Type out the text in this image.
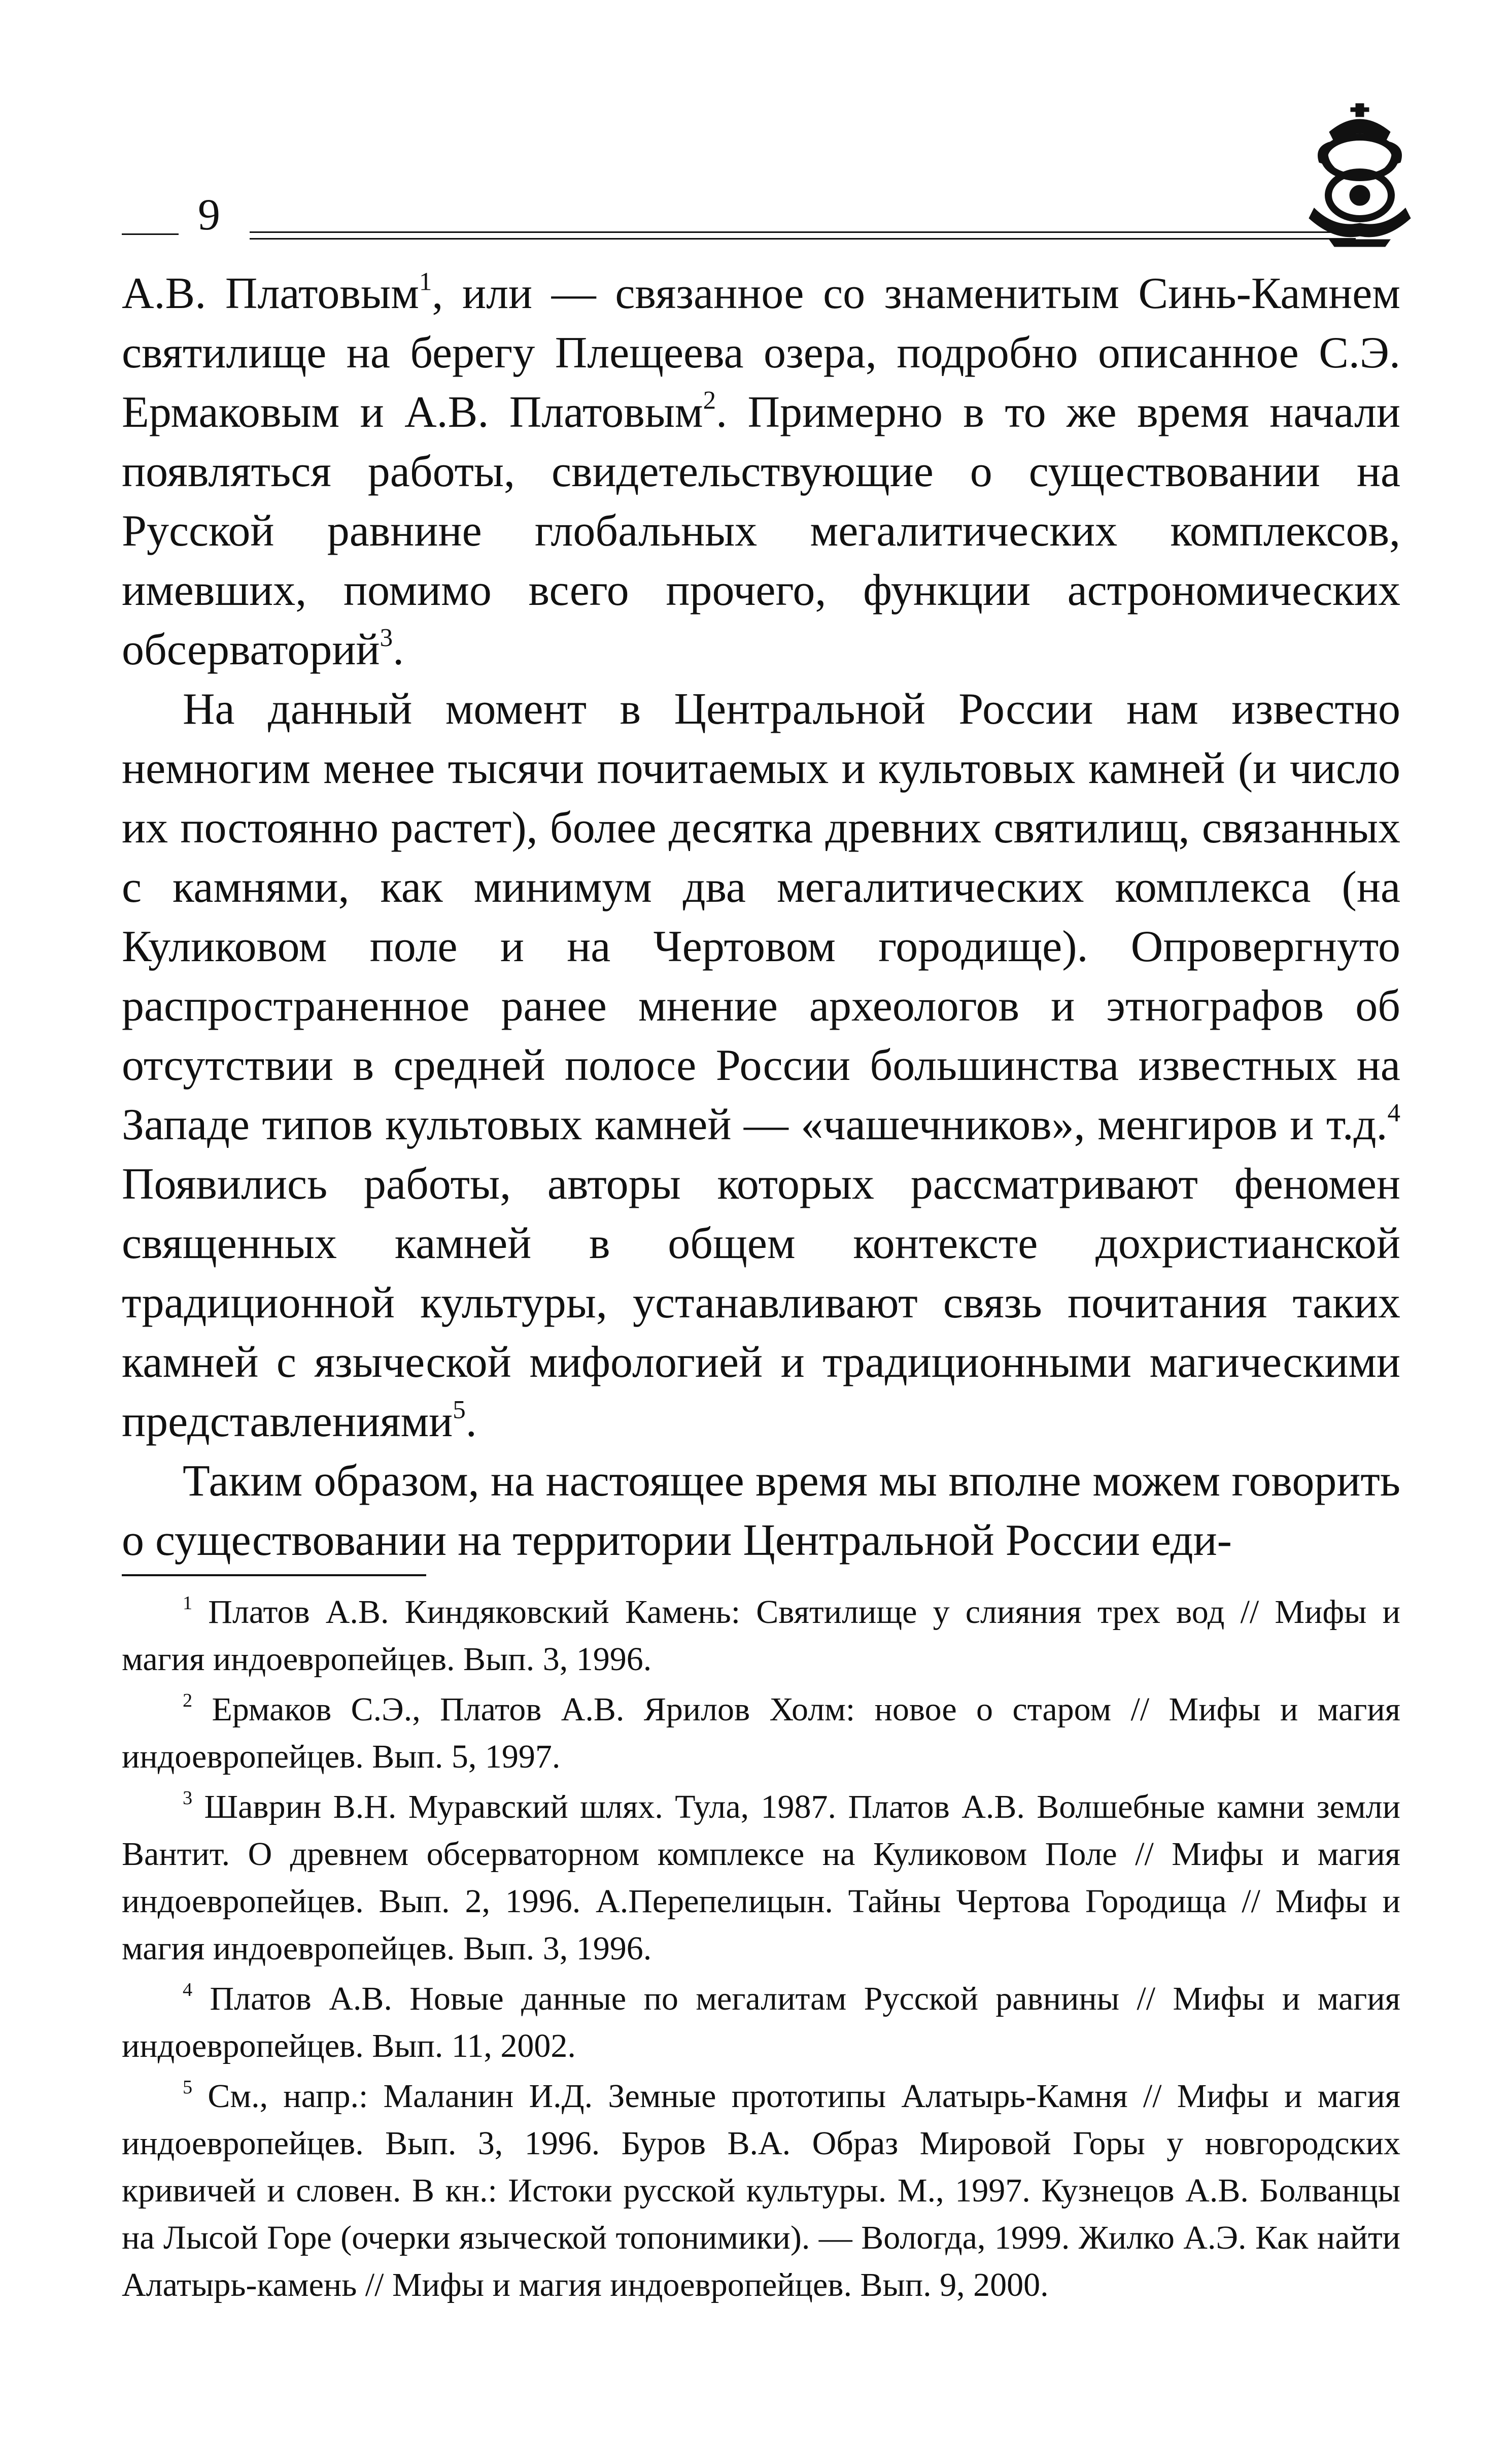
9

А.В. Платовым$^1$, или — связанное со знаменитым Синь-Камнем святилище на берегу Плещеева озера, подробно описанное С.Э. Ермаковым и А.В. Платовым$^2$. Примерно в то же время начали появляться работы, свидетельствующие о существовании на Русской равнине глобальных мегалитических комплексов, имевших, помимо всего прочего, функции астрономических обсерваторий$^3$.

На данный момент в Центральной России нам известно немногим менее тысячи почитаемых и культовых камней (и число их постоянно растет), более десятка древних святилищ, связанных с камнями, как минимум два мегалитических комплекса (на Куликовом поле и на Чертовом городище). Опровергнуто распространенное ранее мнение археологов и этнографов об отсутствии в средней полосе России большинства известных на Западе типов культовых камней — «чашечников», менгиров и т.д.$^4$ Появились работы, авторы которых рассматривают феномен священных камней в общем контексте дохристианской традиционной культуры, устанавливают связь почитания таких камней с языческой мифологией и традиционными магическими представлениями$^5$.

Таким образом, на настоящее время мы вполне можем говорить о существовании на территории Центральной России еди-

$^1$ Платов А.В. Киндяковский Камень: Святилище у слияния трех вод // Мифы и магия индоевропейцев. Вып. 3, 1996.

$^2$ Ермаков С.Э., Платов А.В. Ярилов Холм: новое о старом // Мифы и магия индоевропейцев. Вып. 5, 1997.

$^3$ Шаврин В.Н. Муравский шлях. Тула, 1987. Платов А.В. Волшебные камни земли Вантит. О древнем обсерваторном комплексе на Куликовом Поле // Мифы и магия индоевропейцев. Вып. 2, 1996. А.Перепелицын. Тайны Чертова Городища // Мифы и магия индоевропейцев. Вып. 3, 1996.

$^4$ Платов А.В. Новые данные по мегалитам Русской равнины // Мифы и магия индоевропейцев. Вып. 11, 2002.

$^5$ См., напр.: Маланин И.Д. Земные прототипы Алатырь-Камня // Мифы и магия индоевропейцев. Вып. 3, 1996. Буров В.А. Образ Мировой Горы у новгородских кривичей и словен. В кн.: Истоки русской культуры. М., 1997. Кузнецов А.В. Болванцы на Лысой Горе (очерки языческой топонимики). — Вологда, 1999. Жилко А.Э. Как найти Алатырь-камень // Мифы и магия индоевропейцев. Вып. 9, 2000.
